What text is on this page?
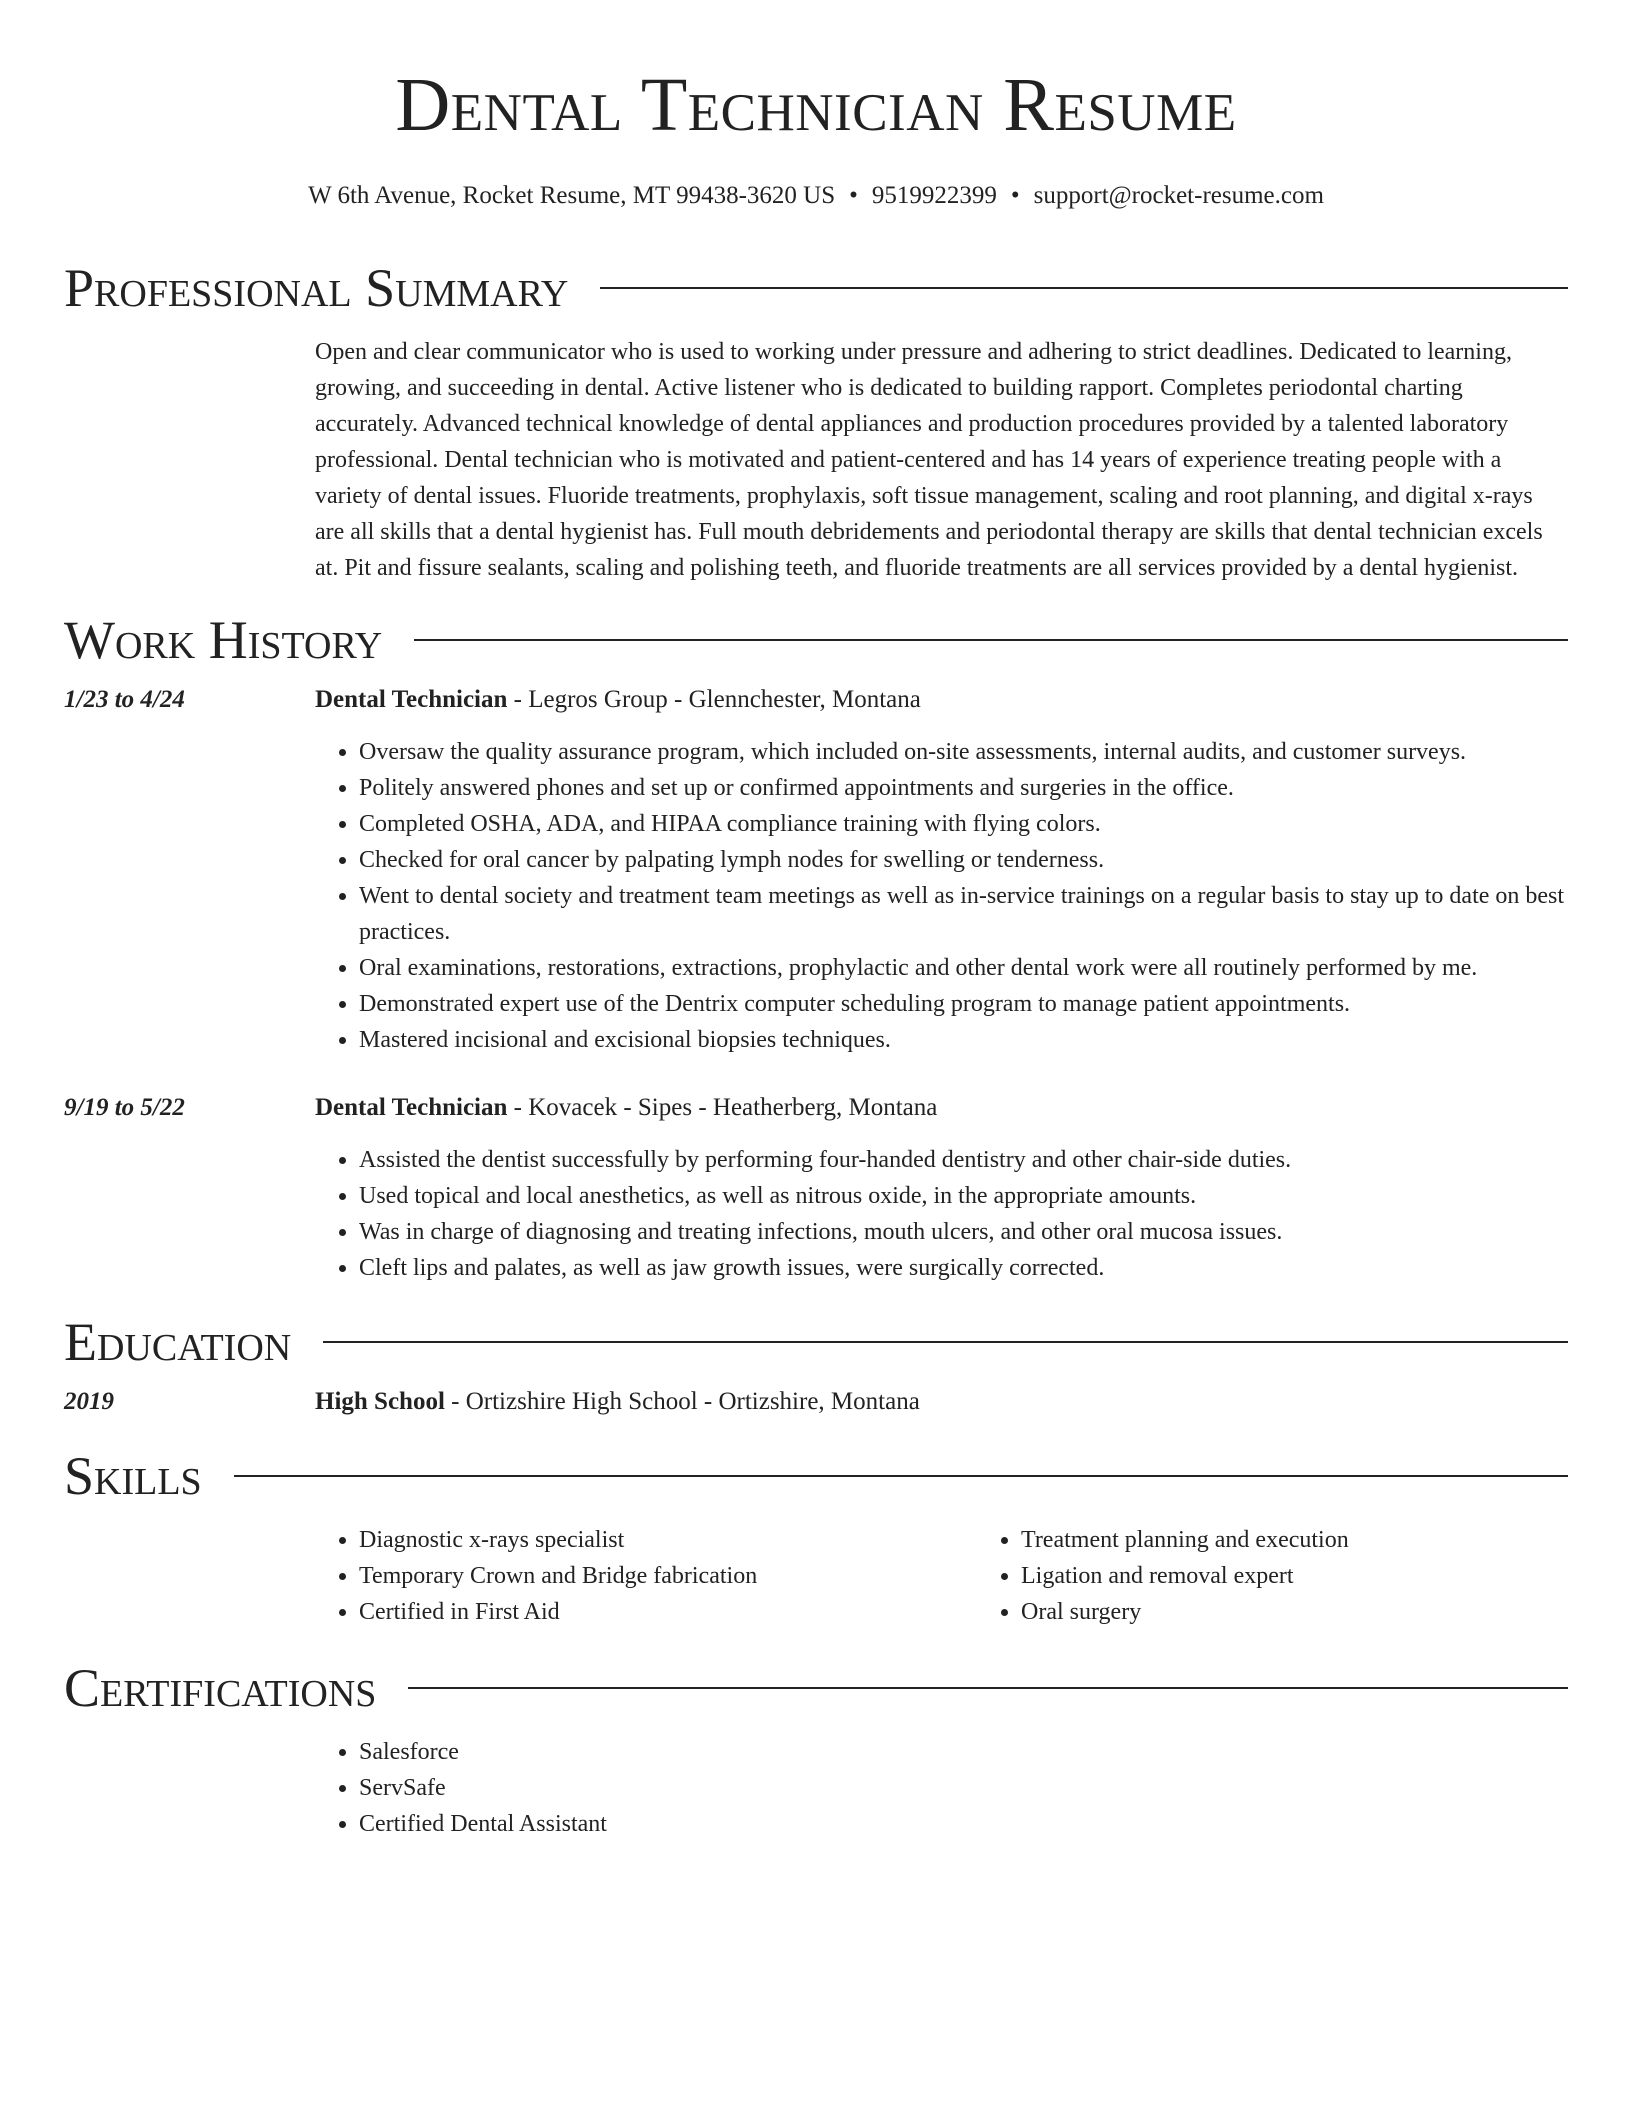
Dental Technician Resume
W 6th Avenue, Rocket Resume, MT 99438-3620 US • 9519922399 • support@rocket-resume.com
Professional Summary

Open and clear communicator who is used to working under pressure and adhering to strict deadlines. Dedicated to learning, growing, and succeeding in dental. Active listener who is dedicated to building rapport. Completes periodontal charting accurately. Advanced technical knowledge of dental appliances and production procedures provided by a talented laboratory professional. Dental technician who is motivated and patient-centered and has 14 years of experience treating people with a variety of dental issues. Fluoride treatments, prophylaxis, soft tissue management, scaling and root planning, and digital x-rays are all skills that a dental hygienist has. Full mouth debridements and periodontal therapy are skills that dental technician excels at. Pit and fissure sealants, scaling and polishing teeth, and fluoride treatments are all services provided by a dental hygienist.

Work History
1/23 to 4/24	Dental Technician - Legros Group - Glennchester, Montana
• Oversaw the quality assurance program, which included on-site assessments, internal audits, and customer surveys.
• Politely answered phones and set up or confirmed appointments and surgeries in the office.
• Completed OSHA, ADA, and HIPAA compliance training with flying colors.
• Checked for oral cancer by palpating lymph nodes for swelling or tenderness.
• Went to dental society and treatment team meetings as well as in-service trainings on a regular basis to stay up to date on best practices.
• Oral examinations, restorations, extractions, prophylactic and other dental work were all routinely performed by me.
• Demonstrated expert use of the Dentrix computer scheduling program to manage patient appointments.
• Mastered incisional and excisional biopsies techniques.
9/19 to 5/22	Dental Technician - Kovacek - Sipes - Heatherberg, Montana
• Assisted the dentist successfully by performing four-handed dentistry and other chair-side duties.
• Used topical and local anesthetics, as well as nitrous oxide, in the appropriate amounts.
• Was in charge of diagnosing and treating infections, mouth ulcers, and other oral mucosa issues.
• Cleft lips and palates, as well as jaw growth issues, were surgically corrected.
Education
2019	High School - Ortizshire High School - Ortizshire, Montana
Skills
• Diagnostic x-rays specialist
• Temporary Crown and Bridge fabrication
• Certified in First Aid
• Treatment planning and execution
• Ligation and removal expert
• Oral surgery
Certifications
• Salesforce
• ServSafe
• Certified Dental Assistant
